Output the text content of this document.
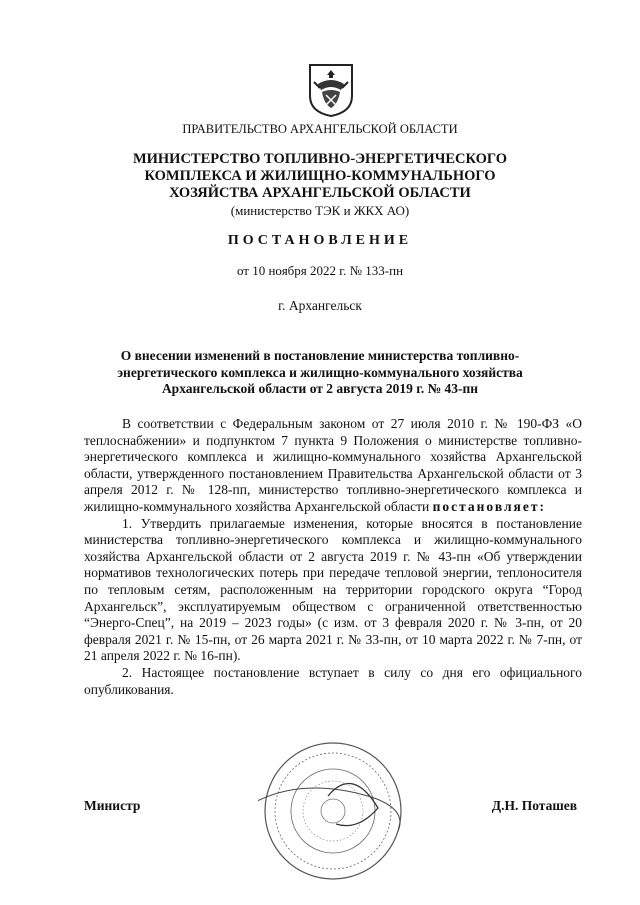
ПРАВИТЕЛЬСТВО АРХАНГЕЛЬСКОЙ ОБЛАСТИ
МИНИСТЕРСТВО ТОПЛИВНО-ЭНЕРГЕТИЧЕСКОГО
КОМПЛЕКСА И ЖИЛИЩНО-КОММУНАЛЬНОГО
ХОЗЯЙСТВА АРХАНГЕЛЬСКОЙ ОБЛАСТИ
(министерство ТЭК и ЖКХ АО)
ПОСТАНОВЛЕНИЕ
от 10 ноября 2022 г. № 133-пн
г. Архангельск
О внесении изменений в постановление министерства топливно-
энергетического комплекса и жилищно-коммунального хозяйства
Архангельской области от 2 августа 2019 г. № 43-пн

В соответствии с Федеральным законом от 27 июля 2010 г. № 190-ФЗ «О теплоснабжении» и подпунктом 7 пункта 9 Положения о министерстве топливно-энергетического комплекса и жилищно-коммунального хозяйства Архангельской области, утвержденного постановлением Правительства Архангельской области от 3 апреля 2012 г. № 128-пп, министерство топливно-энергетического комплекса и жилищно-коммунального хозяйства Архангельской области постановляет:

1. Утвердить прилагаемые изменения, которые вносятся в постановление министерства топливно-энергетического комплекса и жилищно-коммунального хозяйства Архангельской области от 2 августа 2019 г. № 43-пн «Об утверждении нормативов технологических потерь при передаче тепловой энергии, теплоносителя по тепловым сетям, расположенным на территории городского округа “Город Архангельск”, эксплуатируемым обществом с ограниченной ответственностью “Энерго-Спец”, на 2019 – 2023 годы» (с изм. от 3 февраля 2020 г. № 3-пн, от 20 февраля 2021 г. № 15-пн, от 26 марта 2021 г. № 33-пн, от 10 марта 2022 г. № 7-пн, от 21 апреля 2022 г. № 16-пн).

2. Настоящее постановление вступает в силу со дня его официального опубликования.

Министр	Д.Н. Поташев
